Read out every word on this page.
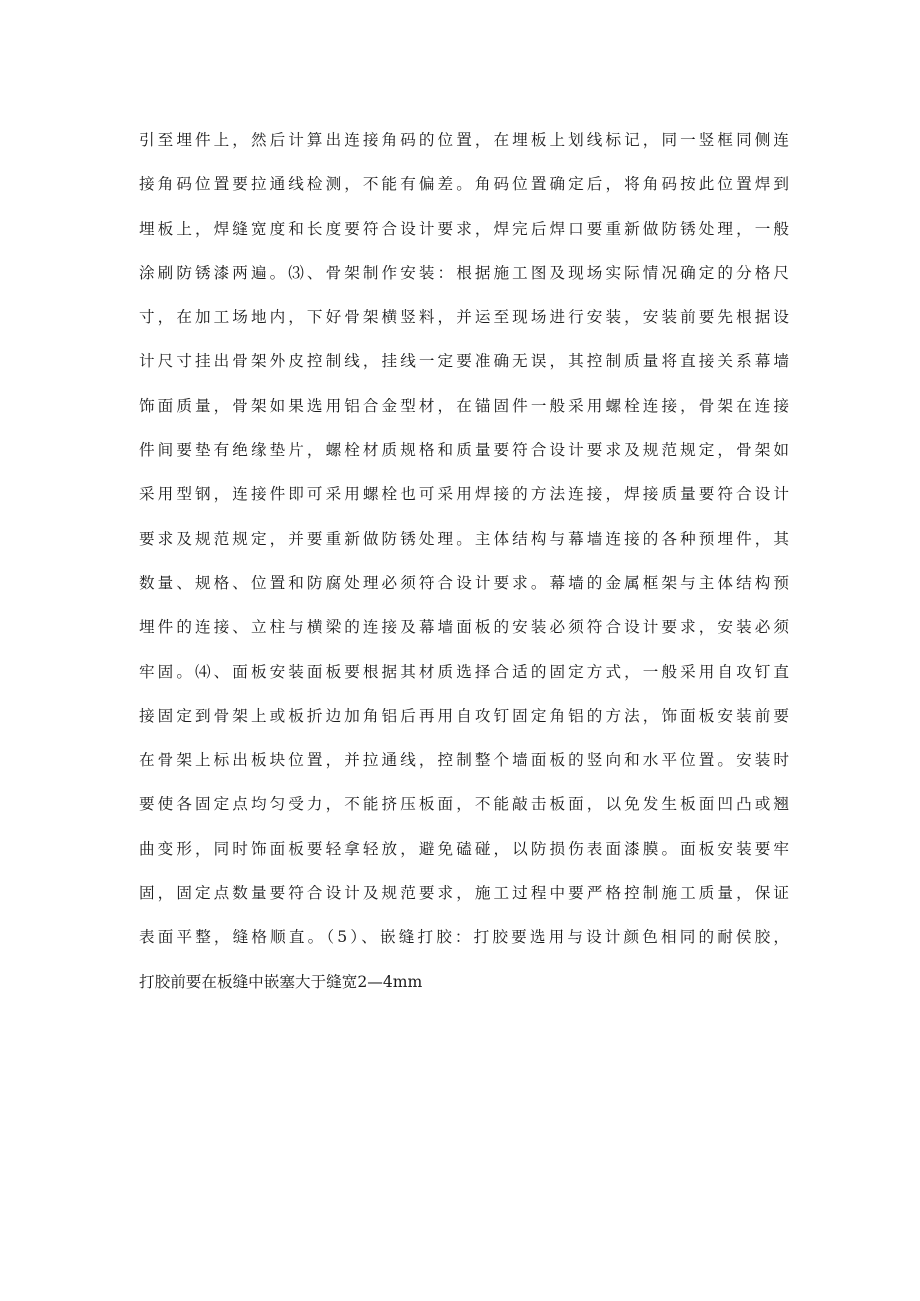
引至埋件上，然后计算出连接角码的位置，在埋板上划线标记，同一竖框同侧连
接角码位置要拉通线检测，不能有偏差。角码位置确定后，将角码按此位置焊到
埋板上，焊缝宽度和长度要符合设计要求，焊完后焊口要重新做防锈处理，一般
涂刷防锈漆两遍。⑶、骨架制作安装：根据施工图及现场实际情况确定的分格尺
寸，在加工场地内，下好骨架横竖料，并运至现场进行安装，安装前要先根据设
计尺寸挂出骨架外皮控制线，挂线一定要准确无误，其控制质量将直接关系幕墙
饰面质量，骨架如果选用铝合金型材，在锚固件一般采用螺栓连接，骨架在连接
件间要垫有绝缘垫片，螺栓材质规格和质量要符合设计要求及规范规定，骨架如
采用型钢，连接件即可采用螺栓也可采用焊接的方法连接，焊接质量要符合设计
要求及规范规定，并要重新做防锈处理。主体结构与幕墙连接的各种预埋件，其
数量、规格、位置和防腐处理必须符合设计要求。幕墙的金属框架与主体结构预
埋件的连接、立柱与横梁的连接及幕墙面板的安装必须符合设计要求，安装必须
牢固。⑷、面板安装面板要根据其材质选择合适的固定方式，一般采用自攻钉直
接固定到骨架上或板折边加角铝后再用自攻钉固定角铝的方法，饰面板安装前要
在骨架上标出板块位置，并拉通线，控制整个墙面板的竖向和水平位置。安装时
要使各固定点均匀受力，不能挤压板面，不能敲击板面，以免发生板面凹凸或翘
曲变形，同时饰面板要轻拿轻放，避免磕碰，以防损伤表面漆膜。面板安装要牢
固，固定点数量要符合设计及规范要求，施工过程中要严格控制施工质量，保证
表面平整，缝格顺直。（5）、嵌缝打胶：打胶要选用与设计颜色相同的耐侯胶，
打胶前要在板缝中嵌塞大于缝宽2—4mm
